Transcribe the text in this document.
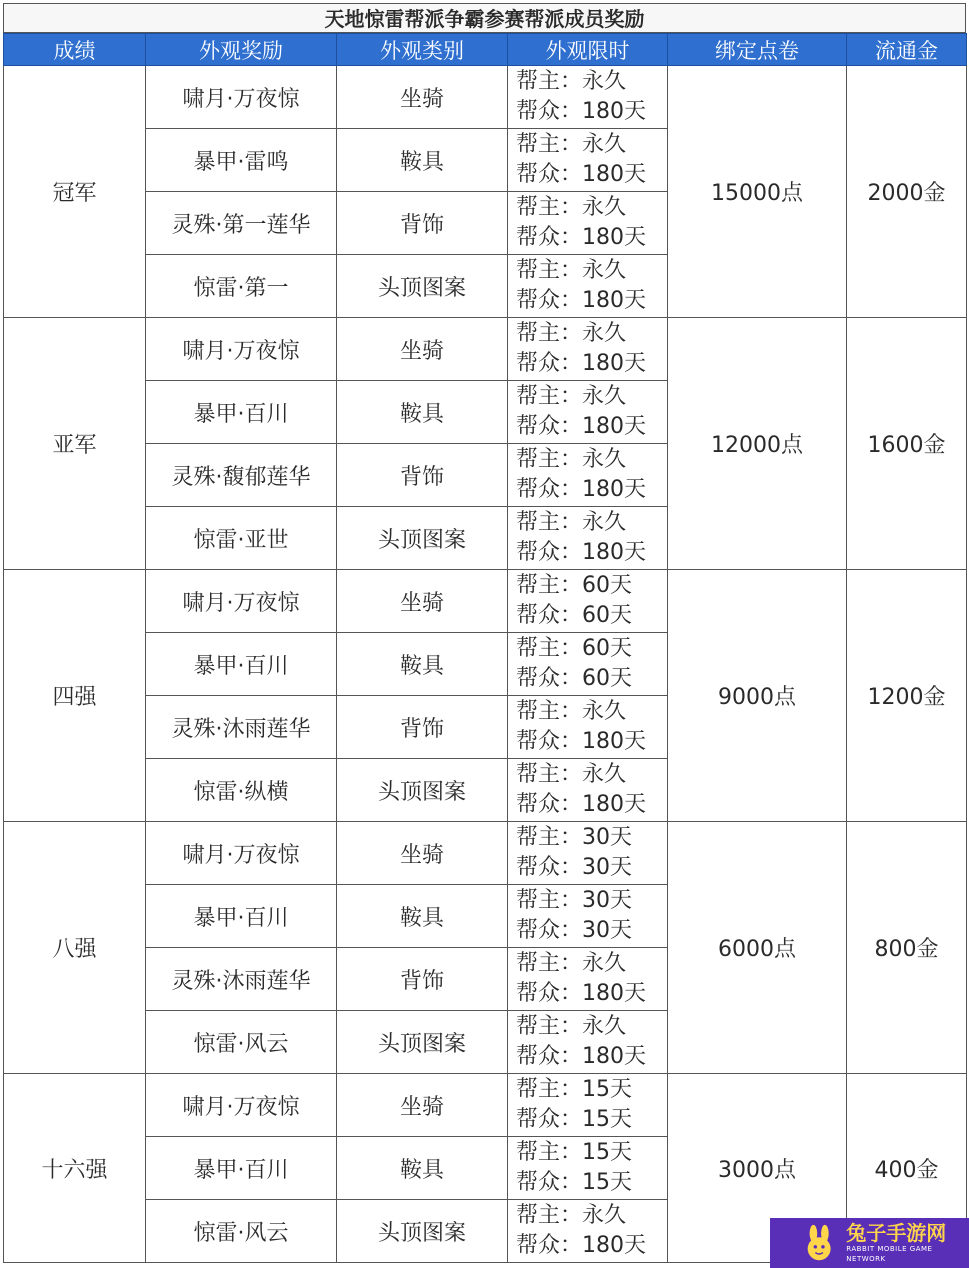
天地惊雷帮派争霸参赛帮派成员奖励
成绩	外观奖励	外观类别	外观限时	绑定点卷	流通金
冠军	啸月·万夜惊	坐骑	帮主：永久
帮众：180天	15000点	2000金
	暴甲·雷鸣	鞍具	帮主：永久
帮众：180天		

	灵殊·第一莲华	背饰	帮主：永久
帮众：180天		

	惊雷·第一	头顶图案	帮主：永久
帮众：180天		

亚军	啸月·万夜惊	坐骑	帮主：永久
帮众：180天	12000点	1600金
	暴甲·百川	鞍具	帮主：永久
帮众：180天		

	灵殊·馥郁莲华	背饰	帮主：永久
帮众：180天		

	惊雷·亚世	头顶图案	帮主：永久
帮众：180天		

四强	啸月·万夜惊	坐骑	帮主：60天
帮众：60天	9000点	1200金
	暴甲·百川	鞍具	帮主：60天
帮众：60天		

	灵殊·沐雨莲华	背饰	帮主：永久
帮众：180天		

	惊雷·纵横	头顶图案	帮主：永久
帮众：180天		

八强	啸月·万夜惊	坐骑	帮主：30天
帮众：30天	6000点	800金
	暴甲·百川	鞍具	帮主：30天
帮众：30天		

	灵殊·沐雨莲华	背饰	帮主：永久
帮众：180天		

	惊雷·风云	头顶图案	帮主：永久
帮众：180天		

十六强	啸月·万夜惊	坐骑	帮主：15天
帮众：15天	3000点	400金
	暴甲·百川	鞍具	帮主：15天
帮众：15天		

	惊雷·风云	头顶图案	帮主：永久
帮众：180天			兔子手游网
RABBIT MOBILE GAME NETWORK
